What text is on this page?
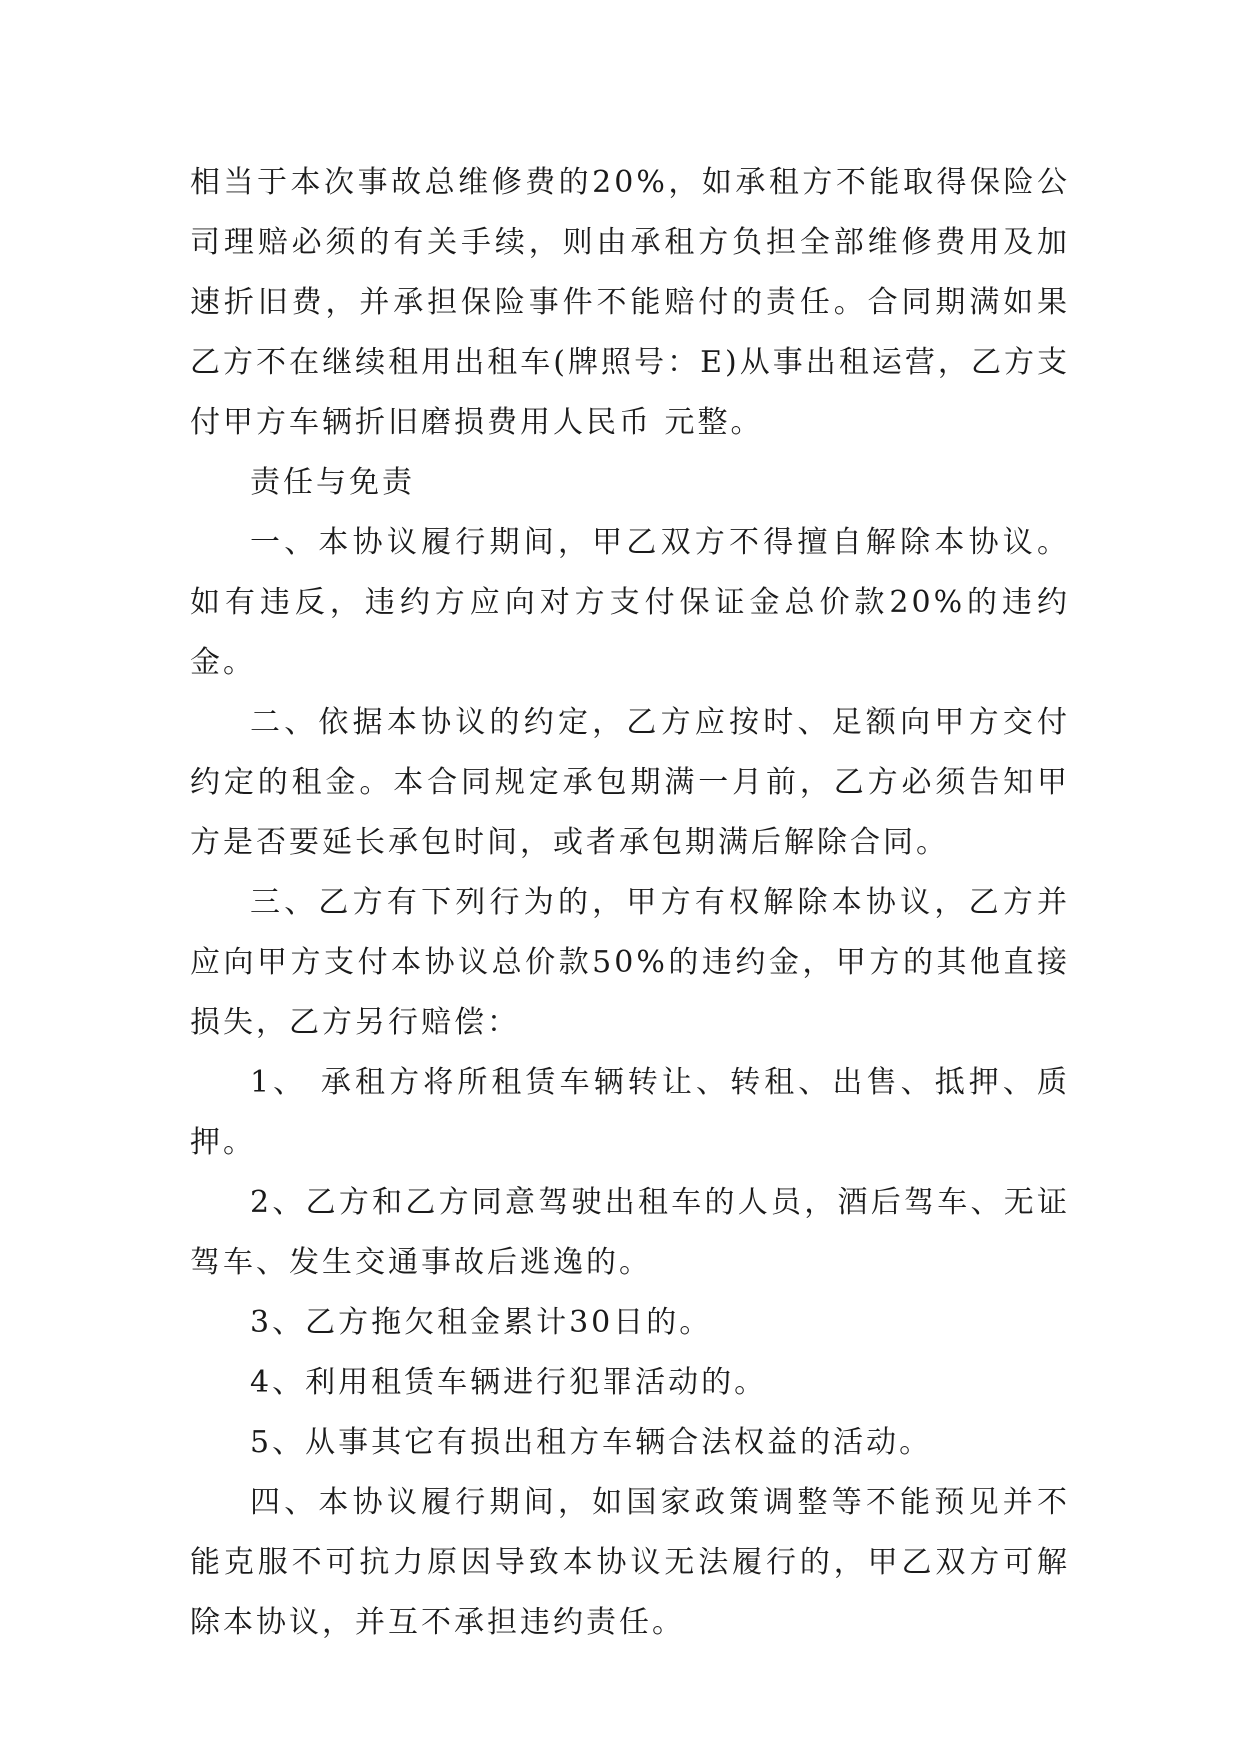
相当于本次事故总维修费的20%，如承租方不能取得保险公司理赔必须的有关手续，则由承租方负担全部维修费用及加速折旧费，并承担保险事件不能赔付的责任。合同期满如果乙方不在继续租用出租车(牌照号：E)从事出租运营，乙方支付甲方车辆折旧磨损费用人民币 元整。

责任与免责

一、本协议履行期间，甲乙双方不得擅自解除本协议。如有违反，违约方应向对方支付保证金总价款20%的违约金。

二、依据本协议的约定，乙方应按时、足额向甲方交付约定的租金。本合同规定承包期满一月前，乙方必须告知甲方是否要延长承包时间，或者承包期满后解除合同。

三、乙方有下列行为的，甲方有权解除本协议，乙方并应向甲方支付本协议总价款50%的违约金，甲方的其他直接损失，乙方另行赔偿：

1、 承租方将所租赁车辆转让、转租、出售、抵押、质押。

2、乙方和乙方同意驾驶出租车的人员，酒后驾车、无证驾车、发生交通事故后逃逸的。

3、乙方拖欠租金累计30日的。

4、利用租赁车辆进行犯罪活动的。

5、从事其它有损出租方车辆合法权益的活动。

四、本协议履行期间，如国家政策调整等不能预见并不能克服不可抗力原因导致本协议无法履行的，甲乙双方可解除本协议，并互不承担违约责任。
